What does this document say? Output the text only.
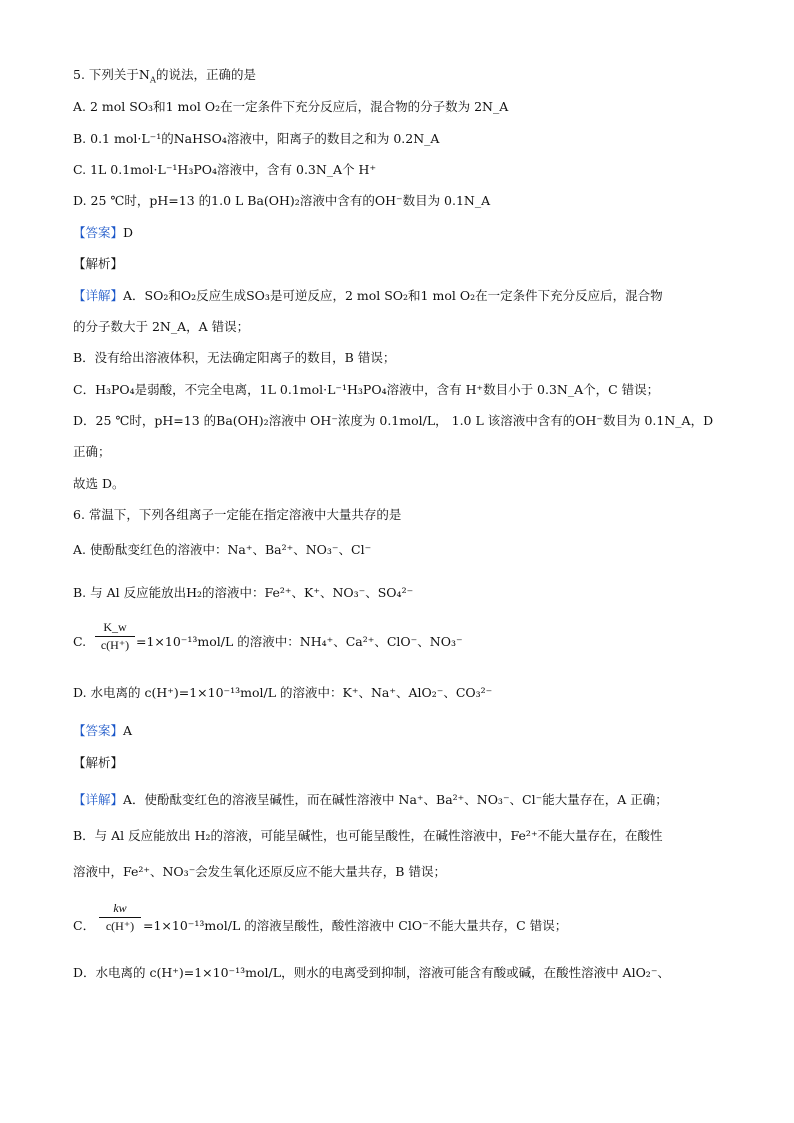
5. 下列关于$N_A$的说法，正确的是
A. 2 mol SO₃和1 mol O₂在一定条件下充分反应后，混合物的分子数为 2N_A
B. 0.1 mol·L⁻¹的NaHSO₄溶液中，阳离子的数目之和为 0.2N_A
C. 1L 0.1mol·L⁻¹H₃PO₄溶液中，含有 0.3N_A个 H⁺
D. 25 ℃时，pH=13 的1.0 L Ba(OH)₂溶液中含有的OH⁻数目为 0.1N_A
【答案】D
【解析】
【详解】A．SO₂和O₂反应生成SO₃是可逆反应，2 mol SO₂和1 mol O₂在一定条件下充分反应后，混合物
的分子数大于 2N_A，A 错误；
B．没有给出溶液体积，无法确定阳离子的数目，B 错误；
C．H₃PO₄是弱酸，不完全电离，1L 0.1mol·L⁻¹H₃PO₄溶液中，含有 H⁺数目小于 0.3N_A个，C 错误；
D．25 ℃时，pH=13 的Ba(OH)₂溶液中 OH⁻浓度为 0.1mol/L， 1.0 L 该溶液中含有的OH⁻数目为 0.1N_A，D
正确；
故选 D。
6. 常温下，下列各组离子一定能在指定溶液中大量共存的是
A. 使酚酞变红色的溶液中：Na⁺、Ba²⁺、NO₃⁻、Cl⁻
B. 与 Al 反应能放出H₂的溶液中：Fe²⁺、K⁺、NO₃⁻、SO₄²⁻
C.
K_w
c(H⁺) =1×10⁻¹³mol/L 的溶液中：NH₄⁺、Ca²⁺、ClO⁻、NO₃⁻
D. 水电离的 c(H⁺)=1×10⁻¹³mol/L 的溶液中：K⁺、Na⁺、AlO₂⁻、CO₃²⁻
【答案】A
【解析】
【详解】A．使酚酞变红色的溶液呈碱性，而在碱性溶液中 Na⁺、Ba²⁺、NO₃⁻、Cl⁻能大量存在，A 正确；
B．与 Al 反应能放出 H₂的溶液，可能呈碱性，也可能呈酸性，在碱性溶液中，Fe²⁺不能大量存在，在酸性
溶液中，Fe²⁺、NO₃⁻会发生氧化还原反应不能大量共存，B 错误；
C．
kw
c(H⁺) =1×10⁻¹³mol/L 的溶液呈酸性，酸性溶液中 ClO⁻不能大量共存，C 错误；
D．水电离的 c(H⁺)=1×10⁻¹³mol/L，则水的电离受到抑制，溶液可能含有酸或碱，在酸性溶液中 AlO₂⁻、
